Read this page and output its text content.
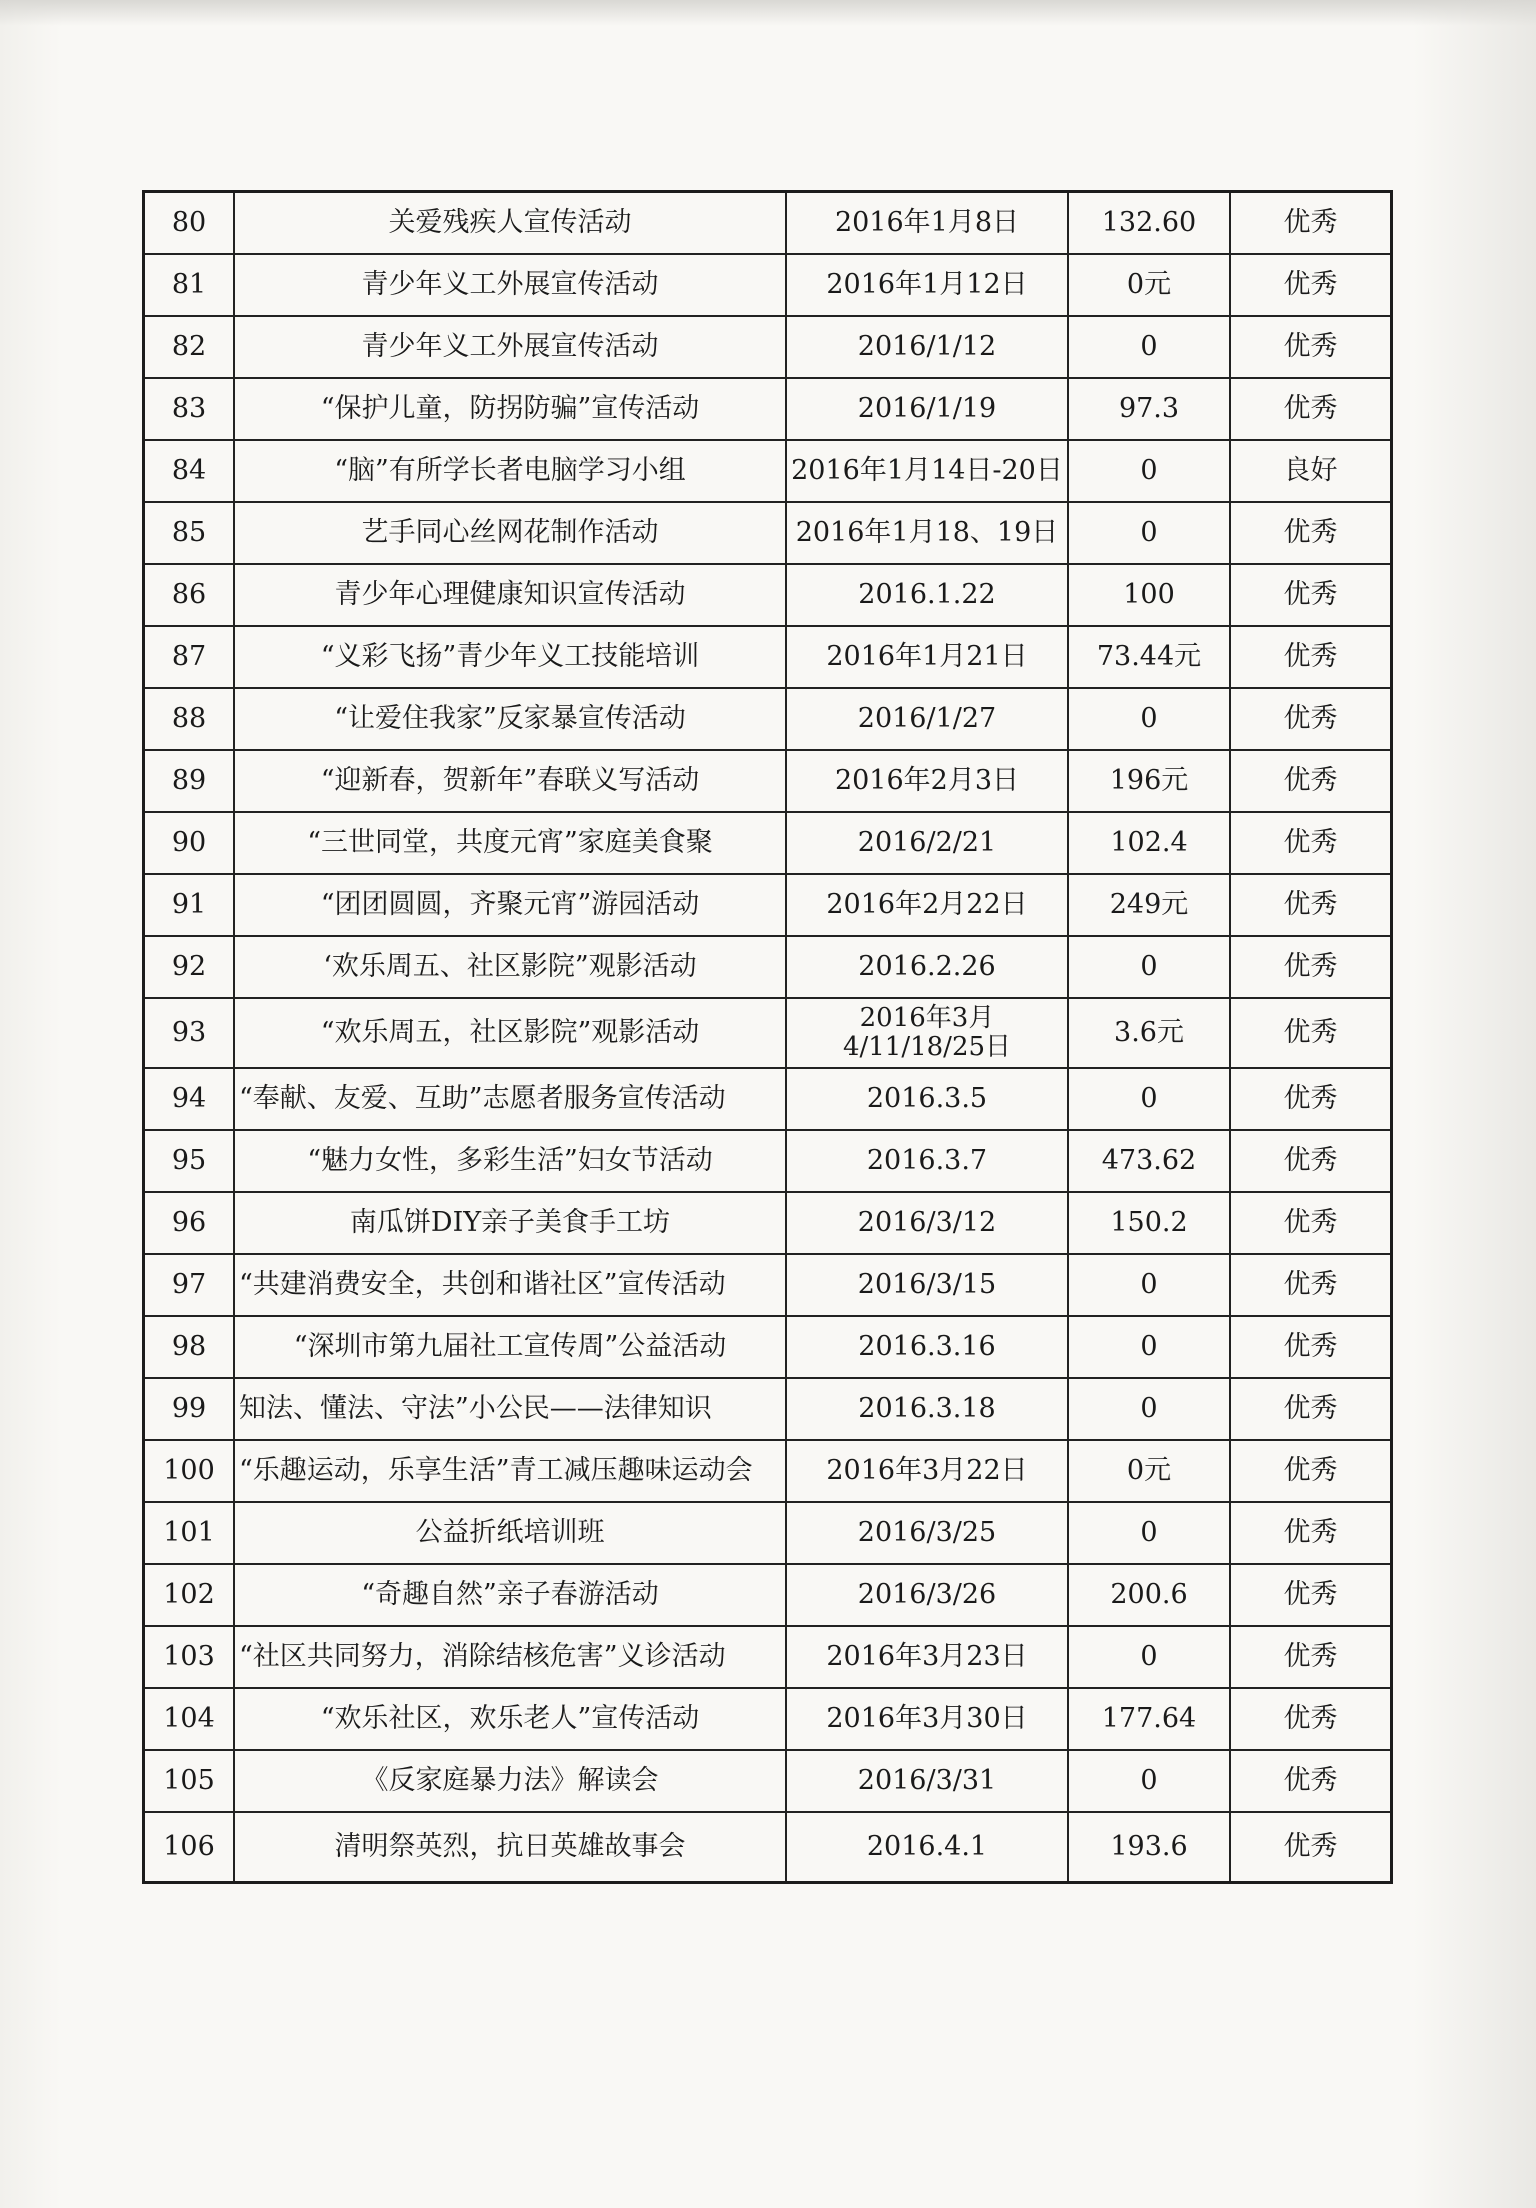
80	关爱残疾人宣传活动	2016年1月8日	132.60	优秀
81	青少年义工外展宣传活动	2016年1月12日	0元	优秀
82	青少年义工外展宣传活动	2016/1/12	0	优秀
83	“保护儿童，防拐防骗”宣传活动	2016/1/19	97.3	优秀
84	“脑”有所学长者电脑学习小组	2016年1月14日-20日	0	良好
85	艺手同心丝网花制作活动	2016年1月18、19日	0	优秀
86	青少年心理健康知识宣传活动	2016.1.22	100	优秀
87	“义彩飞扬”青少年义工技能培训	2016年1月21日	73.44元	优秀
88	“让爱住我家”反家暴宣传活动	2016/1/27	0	优秀
89	“迎新春，贺新年”春联义写活动	2016年2月3日	196元	优秀
90	“三世同堂，共度元宵”家庭美食聚	2016/2/21	102.4	优秀
91	“团团圆圆，齐聚元宵”游园活动	2016年2月22日	249元	优秀
92	‘欢乐周五、社区影院”观影活动	2016.2.26	0	优秀
93	“欢乐周五，社区影院”观影活动	2016年3月4/11/18/25日	3.6元	优秀
94	“奉献、友爱、互助”志愿者服务宣传活动	2016.3.5	0	优秀
95	“魅力女性，多彩生活”妇女节活动	2016.3.7	473.62	优秀
96	南瓜饼DIY亲子美食手工坊	2016/3/12	150.2	优秀
97	“共建消费安全，共创和谐社区”宣传活动	2016/3/15	0	优秀
98	“深圳市第九届社工宣传周”公益活动	2016.3.16	0	优秀
99	知法、懂法、守法”小公民——法律知识	2016.3.18	0	优秀
100	“乐趣运动，乐享生活”青工减压趣味运动会	2016年3月22日	0元	优秀
101	公益折纸培训班	2016/3/25	0	优秀
102	“奇趣自然”亲子春游活动	2016/3/26	200.6	优秀
103	“社区共同努力，消除结核危害”义诊活动	2016年3月23日	0	优秀
104	“欢乐社区，欢乐老人”宣传活动	2016年3月30日	177.64	优秀
105	《反家庭暴力法》解读会	2016/3/31	0	优秀
106	清明祭英烈，抗日英雄故事会	2016.4.1	193.6	优秀
